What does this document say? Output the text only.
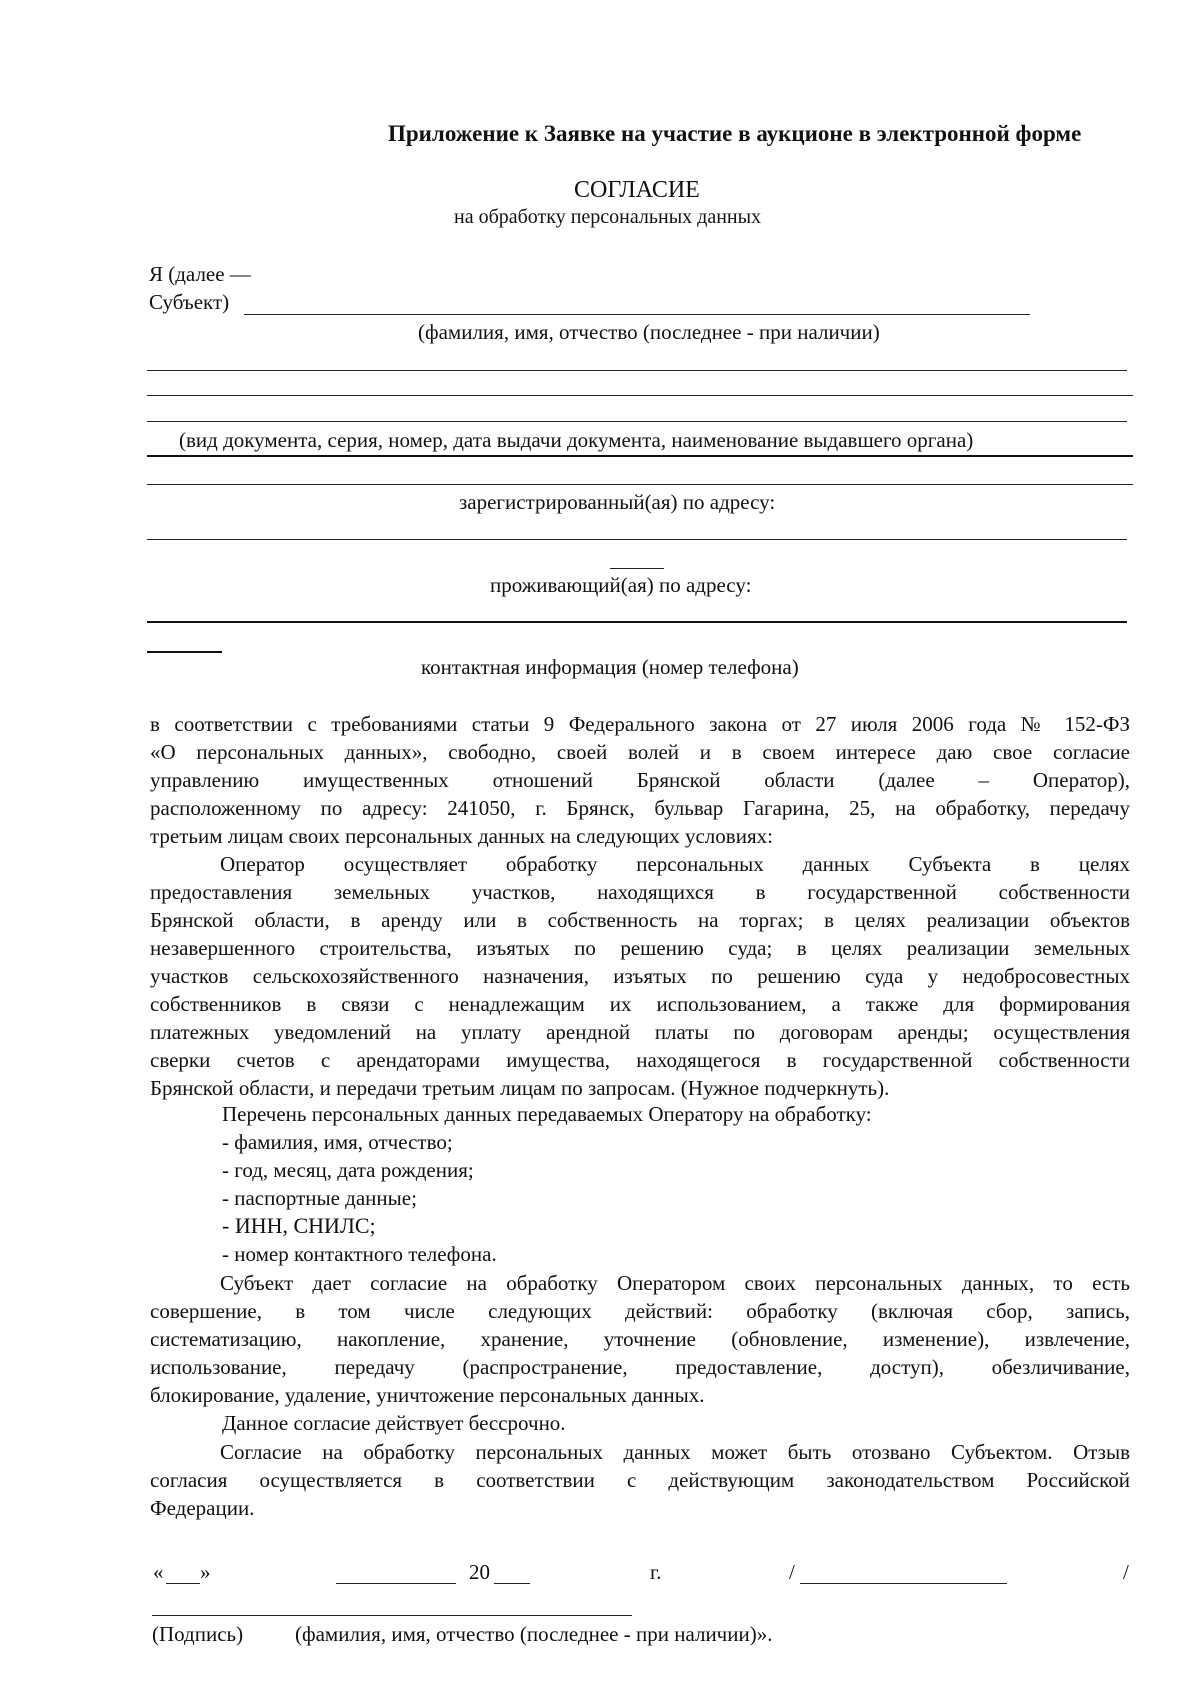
Приложение к Заявке на участие в аукционе в электронной форме
СОГЛАСИЕ
на обработку персональных данных
Я (далее —
Субъект)
(фамилия, имя, отчество (последнее - при наличии)
(вид документа, серия, номер, дата выдачи документа, наименование выдавшего органа)
зарегистрированный(ая) по адресу:
проживающий(ая) по адресу:
контактная информация (номер телефона)
в соответствии с требованиями статьи 9 Федерального закона от 27 июля 2006 года № 152-ФЗ
«О персональных данных», свободно, своей волей и в своем интересе даю свое согласие
управлению имущественных отношений Брянской области (далее – Оператор),
расположенному по адресу: 241050, г. Брянск, бульвар Гагарина, 25, на обработку, передачу
третьим лицам своих персональных данных на следующих условиях:
Оператор осуществляет обработку персональных данных Субъекта в целях
предоставления земельных участков, находящихся в государственной собственности
Брянской области, в аренду или в собственность на торгах; в целях реализации объектов
незавершенного строительства, изъятых по решению суда; в целях реализации земельных
участков сельскохозяйственного назначения, изъятых по решению суда у недобросовестных
собственников в связи с ненадлежащим их использованием, а также для формирования
платежных уведомлений на уплату арендной платы по договорам аренды; осуществления
сверки счетов с арендаторами имущества, находящегося в государственной собственности
Брянской области, и передачи третьим лицам по запросам. (Нужное подчеркнуть).
Перечень персональных данных передаваемых Оператору на обработку:
- фамилия, имя, отчество;
- год, месяц, дата рождения;
- паспортные данные;
- ИНН, СНИЛС;
- номер контактного телефона.
Субъект дает согласие на обработку Оператором своих персональных данных, то есть
совершение, в том числе следующих действий: обработку (включая сбор, запись,
систематизацию, накопление, хранение, уточнение (обновление, изменение), извлечение,
использование, передачу (распространение, предоставление, доступ), обезличивание,
блокирование, удаление, уничтожение персональных данных.
Данное согласие действует бессрочно.
Согласие на обработку персональных данных может быть отозвано Субъектом. Отзыв
согласия осуществляется в соответствии с действующим законодательством Российской
Федерации.
« »	20	г.	/	/
(Подпись) (фамилия, имя, отчество (последнее - при наличии)».
